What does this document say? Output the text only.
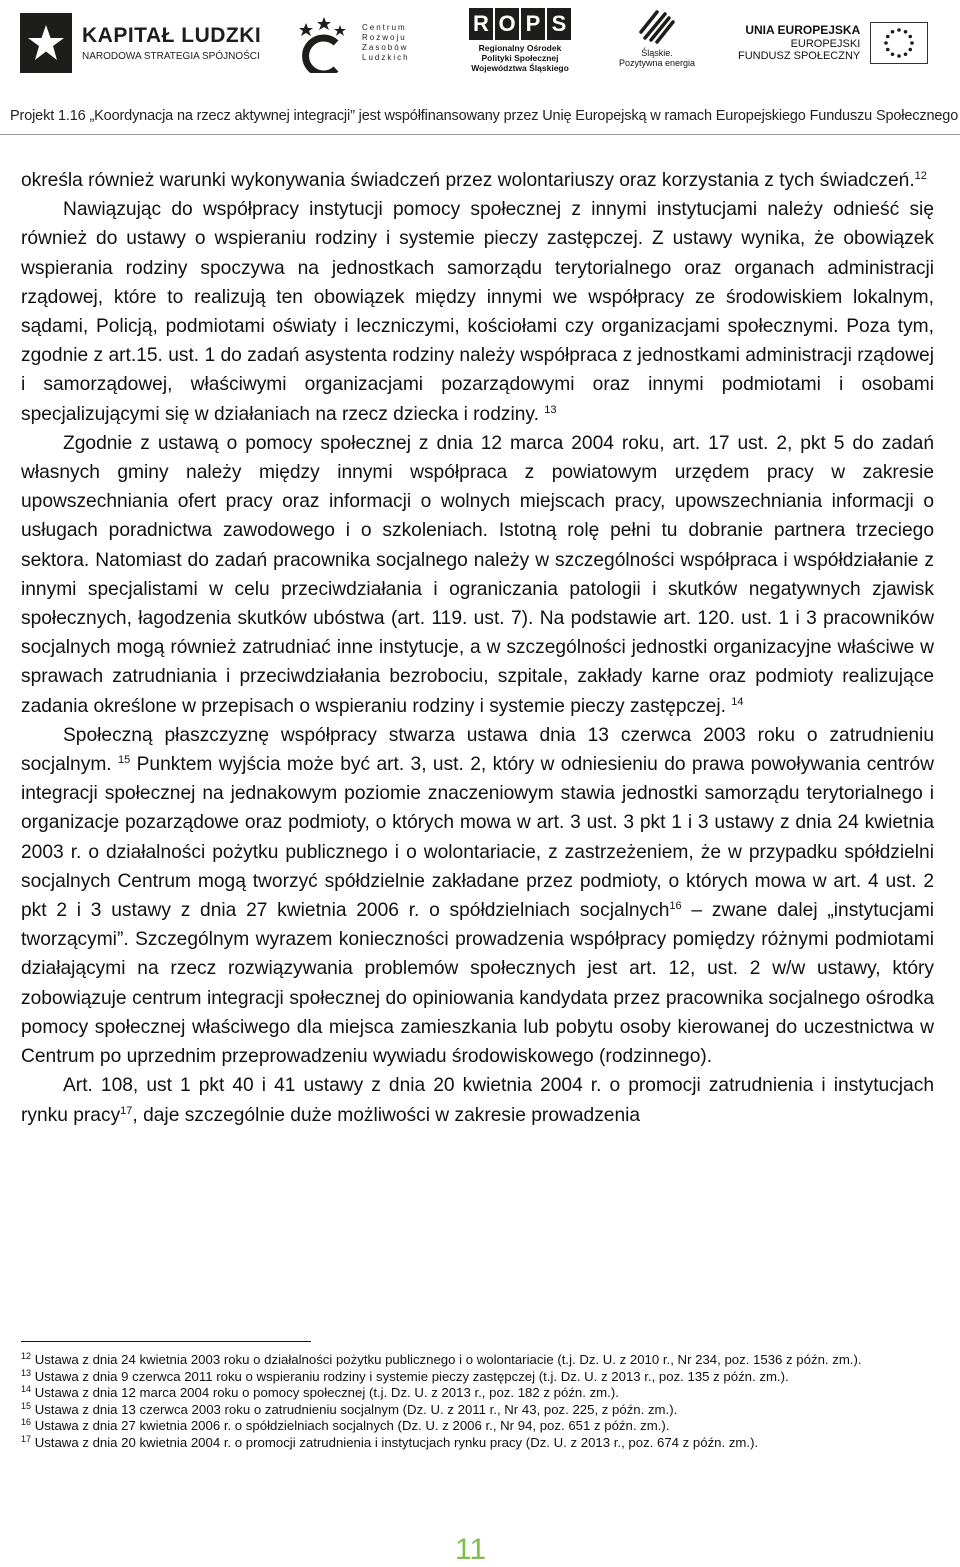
KAPITAŁ LUDZKI
NARODOWA STRATEGIA SPÓJNOŚCI
Centrum
Rozwoju
Zasobów
Ludzkich
R O P S
Regionalny Ośrodek
Polityki Społecznej
Województwa Śląskiego
Śląskie.
Pozytywna energia
UNIA EUROPEJSKA
EUROPEJSKI
FUNDUSZ SPOŁECZNY
Projekt 1.16 „Koordynacja na rzecz aktywnej integracji” jest współfinansowany przez Unię Europejską w ramach Europejskiego Funduszu Społecznego

określa również warunki wykonywania świadczeń przez wolontariuszy oraz korzystania z tych świadczeń.$^{12}$

Nawiązując do współpracy instytucji pomocy społecznej z innymi instytucjami należy odnieść się również do ustawy o wspieraniu rodziny i systemie pieczy zastępczej. Z ustawy wynika, że obowiązek wspierania rodziny spoczywa na jednostkach samorządu terytorialnego oraz organach administracji rządowej, które to realizują ten obowiązek między innymi we współpracy ze środowiskiem lokalnym, sądami, Policją, podmiotami oświaty i leczniczymi, kościołami czy organizacjami społecznymi. Poza tym, zgodnie z art.15. ust. 1 do zadań asystenta rodziny należy współpraca z jednostkami administracji rządowej i samorządowej, właściwymi organizacjami pozarządowymi oraz innymi podmiotami i osobami specjalizującymi się w działaniach na rzecz dziecka i rodziny. $^{13}$

Zgodnie z ustawą o pomocy społecznej z dnia 12 marca 2004 roku, art. 17 ust. 2, pkt 5 do zadań własnych gminy należy między innymi współpraca z powiatowym urzędem pracy w zakresie upowszechniania ofert pracy oraz informacji o wolnych miejscach pracy, upowszechniania informacji o usługach poradnictwa zawodowego i o szkoleniach. Istotną rolę pełni tu dobranie partnera trzeciego sektora. Natomiast do zadań pracownika socjalnego należy w szczególności współpraca i współdziałanie z innymi specjalistami w celu przeciwdziałania i ograniczania patologii i skutków negatywnych zjawisk społecznych, łagodzenia skutków ubóstwa (art. 119. ust. 7). Na podstawie art. 120. ust. 1 i 3 pracowników socjalnych mogą również zatrudniać inne instytucje, a w szczególności jednostki organizacyjne właściwe w sprawach zatrudniania i przeciwdziałania bezrobociu, szpitale, zakłady karne oraz podmioty realizujące zadania określone w przepisach o wspieraniu rodziny i systemie pieczy zastępczej. $^{14}$

Społeczną płaszczyznę współpracy stwarza ustawa dnia 13 czerwca 2003 roku o zatrudnieniu socjalnym. $^{15}$ Punktem wyjścia może być art. 3, ust. 2, który w odniesieniu do prawa powoływania centrów integracji społecznej na jednakowym poziomie znaczeniowym stawia jednostki samorządu terytorialnego i organizacje pozarządowe oraz podmioty, o których mowa w art. 3 ust. 3 pkt 1 i 3 ustawy z dnia 24 kwietnia 2003 r. o działalności pożytku publicznego i o wolontariacie, z zastrzeżeniem, że w przypadku spółdzielni socjalnych Centrum mogą tworzyć spółdzielnie zakładane przez podmioty, o których mowa w art. 4 ust. 2 pkt 2 i 3 ustawy z dnia 27 kwietnia 2006 r. o spółdzielniach socjalnych$^{16}$ – zwane dalej „instytucjami tworzącymi”. Szczególnym wyrazem konieczności prowadzenia współpracy pomiędzy różnymi podmiotami działającymi na rzecz rozwiązywania problemów społecznych jest art. 12, ust. 2 w/w ustawy, który zobowiązuje centrum integracji społecznej do opiniowania kandydata przez pracownika socjalnego ośrodka pomocy społecznej właściwego dla miejsca zamieszkania lub pobytu osoby kierowanej do uczestnictwa w Centrum po uprzednim przeprowadzeniu wywiadu środowiskowego (rodzinnego).

Art. 108, ust 1 pkt 40 i 41 ustawy z dnia 20 kwietnia 2004 r. o promocji zatrudnienia i instytucjach rynku pracy$^{17}$, daje szczególnie duże możliwości w zakresie prowadzenia

$^{12}$ Ustawa z dnia 24 kwietnia 2003 roku o działalności pożytku publicznego i o wolontariacie (t.j. Dz. U. z 2010 r., Nr 234, poz. 1536 z późn. zm.).

$^{13}$ Ustawa z dnia 9 czerwca 2011 roku o wspieraniu rodziny i systemie pieczy zastępczej (t.j. Dz. U. z 2013 r., poz. 135 z późn. zm.).

$^{14}$ Ustawa z dnia 12 marca 2004 roku o pomocy społecznej (t.j. Dz. U. z 2013 r., poz. 182 z późn. zm.).

$^{15}$ Ustawa z dnia 13 czerwca 2003 roku o zatrudnieniu socjalnym (Dz. U. z 2011 r., Nr 43, poz. 225, z późn. zm.).

$^{16}$ Ustawa z dnia 27 kwietnia 2006 r. o spółdzielniach socjalnych (Dz. U. z 2006 r., Nr 94, poz. 651 z późn. zm.).

$^{17}$ Ustawa z dnia 20 kwietnia 2004 r. o promocji zatrudnienia i instytucjach rynku pracy (Dz. U. z 2013 r., poz. 674 z późn. zm.).

11
